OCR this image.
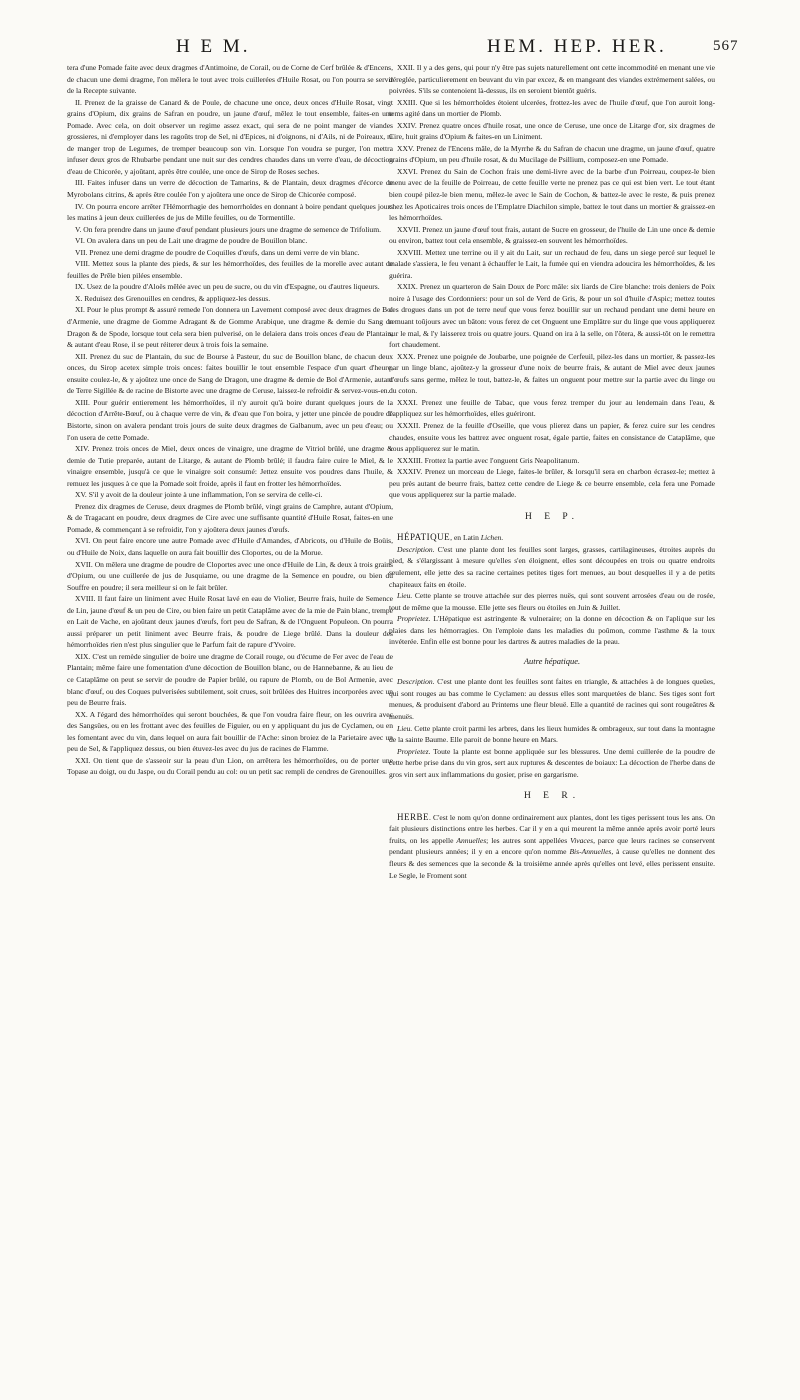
H E M.	HEM. HEP. HER.	567

tera d'une Pomade faite avec deux dragmes d'Antimoine, de Corail, ou de Corne de Cerf brûlée & d'Encens, de chacun une demi dragme, l'on mêlera le tout avec trois cuillerées d'Huile Rosat, ou l'on pourra se servir de la Recepte suivante.

II. Prenez de la graisse de Canard & de Poule, de chacune une once, deux onces d'Huile Rosat, vingt grains d'Opium, dix grains de Safran en poudre, un jaune d'œuf, mêlez le tout ensemble, faites-en une Pomade. Avec cela, on doit observer un regime assez exact, qui sera de ne point manger de viandes grossieres, ni d'employer dans les ragoûts trop de Sel, ni d'Epices, ni d'oignons, ni d'Ails, ni de Poireaux, ni de manger trop de Legumes, de tremper beaucoup son vin. Lorsque l'on voudra se purger, l'on mettra infuser deux gros de Rhubarbe pendant une nuit sur des cendres chaudes dans un verre d'eau, de décoction d'eau de Chicorée, y ajoûtant, après être coulée, une once de Sirop de Roses seches.

III. Faites infuser dans un verre de décoction de Tamarins, & de Plantain, deux dragmes d'écorce de Myrobolans citrins, & après être coulée l'on y ajoûtera une once de Sirop de Chicorée composé.

IV. On pourra encore arrêter l'Hémorrhagie des hemorrhoïdes en donnant à boire pendant quelques jours les matins à jeun deux cuillerées de jus de Mille feuilles, ou de Tormentille.

V. On fera prendre dans un jaune d'œuf pendant plusieurs jours une dragme de semence de Trifolium.

VI. On avalera dans un peu de Lait une dragme de poudre de Bouillon blanc.

VII. Prenez une demi dragme de poudre de Coquilles d'œufs, dans un demi verre de vin blanc.

VIII. Mettez sous la plante des pieds, & sur les hémorrhoïdes, des feuilles de la morelle avec autant de feuilles de Prêle bien pilées ensemble.

IX. Usez de la poudre d'Aloës mêlée avec un peu de sucre, ou du vin d'Espagne, ou d'autres liqueurs.

X. Reduisez des Grenouilles en cendres, & appliquez-les dessus.

XI. Pour le plus prompt & assuré remede l'on donnera un Lavement composé avec deux dragmes de Bol d'Armenie, une dragme de Gomme Adragant & de Gomme Arabique, une dragme & demie du Sang de Dragon & de Spode, lorsque tout cela sera bien pulverisé, on le delaiera dans trois onces d'eau de Plantain, & autant d'eau Rose, il se peut réiterer deux à trois fois la semaine.

XII. Prenez du suc de Plantain, du suc de Bourse à Pasteur, du suc de Bouillon blanc, de chacun deux onces, du Sirop acetex simple trois onces: faites bouillir le tout ensemble l'espace d'un quart d'heure, ensuite coulez-le, & y ajoûtez une once de Sang de Dragon, une dragme & demie de Bol d'Armenie, autant de Terre Sigillée & de racine de Bistorte avec une dragme de Ceruse, laissez-le refroidir & servez-vous-en.

XIII. Pour guérir entierement les hémorrhoïdes, il n'y auroit qu'à boire durant quelques jours de la décoction d'Arrête-Bœuf, ou à chaque verre de vin, & d'eau que l'on boira, y jetter une pincée de poudre de Bistorte, sinon on avalera pendant trois jours de suite deux dragmes de Galbanum, avec un peu d'eau; ou l'on usera de cette Pomade.

XIV. Prenez trois onces de Miel, deux onces de vinaigre, une dragme de Vitriol brûlé, une dragme & demie de Tutie preparée, autant de Litarge, & autant de Plomb brûlé; il faudra faire cuire le Miel, & le vinaigre ensemble, jusqu'à ce que le vinaigre soit consumé: Jettez ensuite vos poudres dans l'huile, & remuez les jusques à ce que la Pomade soit froide, après il faut en frotter les hémorrhoïdes.

XV. S'il y avoit de la douleur jointe à une inflammation, l'on se servira de celle-ci.

Prenez dix dragmes de Ceruse, deux dragmes de Plomb brûlé, vingt grains de Camphre, autant d'Opium, & de Tragacant en poudre, deux dragmes de Cire avec une suffisante quantité d'Huile Rosat, faites-en une Pomade, & commençant à se refroidir, l'on y ajoûtera deux jaunes d'œufs.

XVI. On peut faire encore une autre Pomade avec d'Huile d'Amandes, d'Abricots, ou d'Huile de Boüis, ou d'Huile de Noix, dans laquelle on aura fait bouillir des Cloportes, ou de la Morue.

XVII. On mêlera une dragme de poudre de Cloportes avec une once d'Huile de Lin, & deux à trois grains d'Opium, ou une cuillerée de jus de Jusquiame, ou une dragme de la Semence en poudre, ou bien du Souffre en poudre; il sera meilleur si on le fait brûler.

XVIII. Il faut faire un liniment avec Huile Rosat lavé en eau de Violier, Beurre frais, huile de Semence de Lin, jaune d'œuf & un peu de Cire, ou bien faire un petit Cataplâme avec de la mie de Pain blanc, trempé en Lait de Vache, en ajoûtant deux jaunes d'œufs, fort peu de Safran, & de l'Onguent Populeon. On pourra aussi préparer un petit liniment avec Beurre frais, & poudre de Liege brûlé. Dans la douleur des hémorrhoïdes rien n'est plus singulier que le Parfum fait de rapure d'Yvoire.

XIX. C'est un remède singulier de boire une dragme de Corail rouge, ou d'écume de Fer avec de l'eau de Plantain; même faire une fomentation d'une décoction de Bouillon blanc, ou de Hannebanne, & au lieu de ce Cataplâme on peut se servir de poudre de Papier brûlé, ou rapure de Plomb, ou de Bol Armenie, avec blanc d'œuf, ou des Coques pulverisées subtilement, soit crues, soit brûlées des Huitres incorporées avec un peu de Beurre frais.

XX. A l'égard des hémorrhoïdes qui seront bouchées, & que l'on voudra faire fleur, on les ouvrira avec des Sangsües, ou en les frottant avec des feuilles de Figuier, ou en y appliquant du jus de Cyclamen, ou en les fomentant avec du vin, dans lequel on aura fait bouillir de l'Ache: sinon broiez de la Parietaire avec un peu de Sel, & l'appliquez dessus, ou bien étuvez-les avec du jus de racines de Flamme.

XXI. On tient que de s'asseoir sur la peau d'un Lion, on arrêtera les hémorrhoïdes, ou de porter une Topase au doigt, ou du Jaspe, ou du Corail pendu au col: ou un petit sac rempli de cendres de Grenouilles.

XXII. Il y a des gens, qui pour n'y être pas sujets naturellement ont cette incommodité en menant une vie déreglée, particulierement en beuvant du vin par excez, & en mangeant des viandes extrémement salées, ou poivrées. S'ils se contenoient là-dessus, ils en seroient bientôt guéris.

XXIII. Que si les hémorrhoïdes étoient ulcerées, frottez-les avec de l'huile d'œuf, que l'on auroit long-tems agité dans un mortier de Plomb.

XXIV. Prenez quatre onces d'huile rosat, une once de Ceruse, une once de Litarge d'or, six dragmes de Cire, huit grains d'Opium & faites-en un Liniment.

XXV. Prenez de l'Encens mâle, de la Myrrhe & du Safran de chacun une dragme, un jaune d'œuf, quatre grains d'Opium, un peu d'huile rosat, & du Mucilage de Psillium, composez-en une Pomade.

XXVI. Prenez du Sain de Cochon frais une demi-livre avec de la barbe d'un Poirreau, coupez-le bien menu avec de la feuille de Poirreau, de cette feuille verte ne prenez pas ce qui est bien vert. Le tout étant bien coupé pilez-le bien menu, mêlez-le avec le Sain de Cochon, & battez-le avec le reste, & puis prenez chez les Apoticaires trois onces de l'Emplatre Diachilon simple, battez le tout dans un mortier & graissez-en les hémorrhoïdes.

XXVII. Prenez un jaune d'œuf tout frais, autant de Sucre en grosseur, de l'huile de Lin une once & demie ou environ, battez tout cela ensemble, & graissez-en souvent les hémorrhoïdes.

XXVIII. Mettez une terrine ou il y ait du Lait, sur un rechaud de feu, dans un siege percé sur lequel le malade s'assiera, le feu venant à échauffer le Lait, la fumée qui en viendra adoucira les hémorrhoïdes, & les guérira.

XXIX. Prenez un quarteron de Sain Doux de Porc mâle: six liards de Cire blanche: trois deniers de Poix noire à l'usage des Cordonniers: pour un sol de Verd de Gris, & pour un sol d'huile d'Aspic; mettez toutes ces drogues dans un pot de terre neuf que vous ferez bouillir sur un rechaud pendant une demi heure en remuant toûjours avec un bâton: vous ferez de cet Onguent une Emplâtre sur du linge que vous appliquerez sur le mal, & l'y laisserez trois ou quatre jours. Quand on ira à la selle, on l'ôtera, & aussi-tôt on le remettra fort chaudement.

XXX. Prenez une poignée de Joubarbe, une poignée de Cerfeuil, pilez-les dans un mortier, & passez-les par un linge blanc, ajoûtez-y la grosseur d'une noix de beurre frais, & autant de Miel avec deux jaunes d'œufs sans germe, mêlez le tout, battez-le, & faites un onguent pour mettre sur la partie avec du linge ou du coton.

XXXI. Prenez une feuille de Tabac, que vous ferez tremper du jour au lendemain dans l'eau, & l'appliquez sur les hémorrhoïdes, elles guériront.

XXXII. Prenez de la feuille d'Oseille, que vous plierez dans un papier, & ferez cuire sur les cendres chaudes, ensuite vous les battrez avec onguent rosat, égale partie, faites en consistance de Cataplâme, que vous appliquerez sur le matin.

XXXIII. Frottez la partie avec l'onguent Gris Neapolitanum.

XXXIV. Prenez un morceau de Liege, faites-le brûler, & lorsqu'il sera en charbon écrasez-le; mettez à peu près autant de beurre frais, battez cette cendre de Liege & ce beurre ensemble, cela fera une Pomade que vous appliquerez sur la partie malade.

H E P.

HÉPATIQUE, en Latin Lichen.

Description. C'est une plante dont les feuilles sont larges, grasses, cartilagineuses, étroites auprès du pied, & s'élargissant à mesure qu'elles s'en éloignent, elles sont découpées en trois ou quatre endroits seulement, elle jette des sa racine certaines petites tiges fort menues, au bout desquelles il y a de petits chapiteaux faits en étoile.

Lieu. Cette plante se trouve attachée sur des pierres nuës, qui sont souvent arrosées d'eau ou de rosée, tout de même que la mousse. Elle jette ses fleurs ou étoiles en Juin & Juillet.

Proprietez. L'Hépatique est astringente & vulneraire; on la donne en décoction & on l'aplique sur les plaies dans les hémorragies. On l'emploie dans les maladies du poûmon, comme l'asthme & la toux invéterée. Enfin elle est bonne pour les dartres & autres maladies de la peau.

Autre hépatique.

Description. C'est une plante dont les feuilles sont faites en triangle, & attachées à de longues queües, qui sont rouges au bas comme le Cyclamen: au dessus elles sont marquetées de blanc. Ses tiges sont fort menues, & produisent d'abord au Printems une fleur bleuë. Elle a quantité de racines qui sont rougeâtres & menuës.

Lieu. Cette plante croit parmi les arbres, dans les lieux humides & ombrageux, sur tout dans la montagne de la sainte Baume. Elle paroit de bonne heure en Mars.

Proprietez. Toute la plante est bonne appliquée sur les blessures. Une demi cuillerée de la poudre de cette herbe prise dans du vin gros, sert aux ruptures & descentes de boiaux: La décoction de l'herbe dans de gros vin sert aux inflammations du gosier, prise en gargarisme.

H E R.

HERBE. C'est le nom qu'on donne ordinairement aux plantes, dont les tiges perissent tous les ans. On fait plusieurs distinctions entre les herbes. Car il y en a qui meurent la même année après avoir porté leurs fruits, on les appelle Annuelles; les autres sont appellées Vivaces, parce que leurs racines se conservent pendant plusieurs années; il y en a encore qu'on nomme Bis-Annuelles, à cause qu'elles ne donnent des fleurs & des semences que la seconde & la troisième année après qu'elles ont levé, elles perissent ensuite. Le Segle, le Froment sont
